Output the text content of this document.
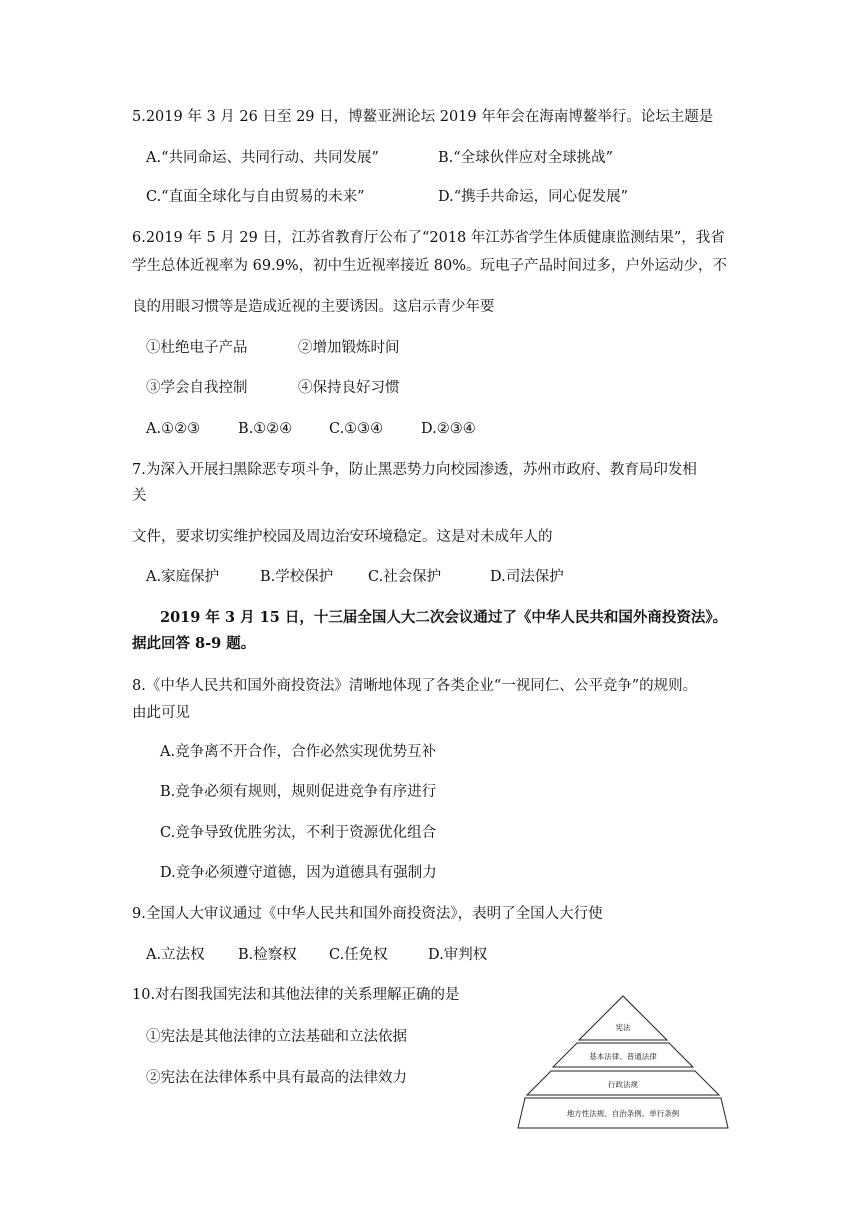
5.2019 年 3 月 26 日至 29 日，博鳌亚洲论坛 2019 年年会在海南博鳌举行。论坛主题是
A.“共同命运、共同行动、共同发展”	B.“全球伙伴应对全球挑战”
C.“直面全球化与自由贸易的未来”	D.“携手共命运，同心促发展”
6.2019 年 5 月 29 日，江苏省教育厅公布了“2018 年江苏省学生体质健康监测结果”，我省
学生总体近视率为 69.9%，初中生近视率接近 80%。玩电子产品时间过多，户外运动少，不
良的用眼习惯等是造成近视的主要诱因。这启示青少年要
①杜绝电子产品	②增加锻炼时间
③学会自我控制	④保持良好习惯
A.①②③	B.①②④	C.①③④	D.②③④
7.为深入开展扫黑除恶专项斗争，防止黑恶势力向校园渗透，苏州市政府、教育局印发相
关
文件，要求切实维护校园及周边治安环境稳定。这是对未成年人的
A.家庭保护	B.学校保护 C.社会保护	D.司法保护
2019 年 3 月 15 日，十三届全国人大二次会议通过了《中华人民共和国外商投资法》。
据此回答 8-9 题。
8.《中华人民共和国外商投资法》清晰地体现了各类企业“一视同仁、公平竞争”的规则。
由此可见
A.竞争离不开合作，合作必然实现优势互补
B.竞争必须有规则，规则促进竞争有序进行
C.竞争导致优胜劣汰，不利于资源优化组合
D.竞争必须遵守道德，因为道德具有强制力
9.全国人大审议通过《中华人民共和国外商投资法》，表明了全国人大行使
A.立法权 B.检察权 C.任免权	D.审判权
10.对右图我国宪法和其他法律的关系理解正确的是
①宪法是其他法律的立法基础和立法依据
②宪法在法律体系中具有最高的法律效力
宪法
基本法律、普通法律
行政法规
地方性法规、自治条例、单行条例
